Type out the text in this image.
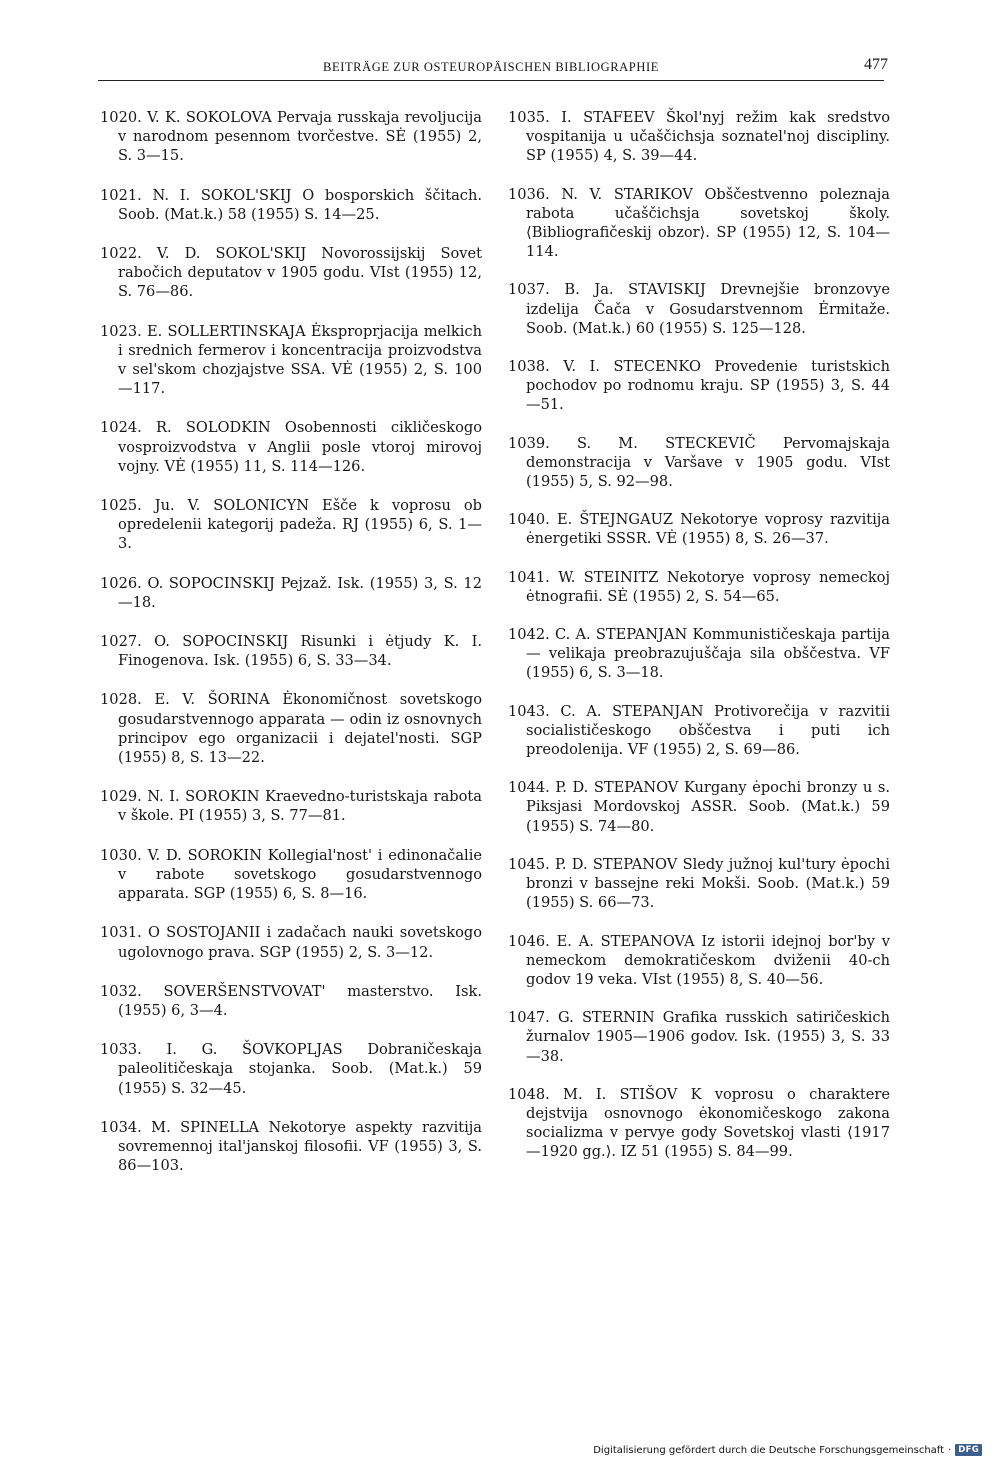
BEITRÄGE ZUR OSTEUROPÄISCHEN BIBLIOGRAPHIE	477

1020. V. K. SOKOLOVA Pervaja russkaja revoljucija v narodnom pesennom tvorčestve. SĖ (1955) 2, S. 3—15.

1021. N. I. SOKOL'SKIJ O bosporskich ščitach. Soob. (Mat.k.) 58 (1955) S. 14—25.

1022. V. D. SOKOL'SKIJ Novorossijskij Sovet rabočich deputatov v 1905 godu. VIst (1955) 12, S. 76—86.

1023. E. SOLLERTINSKAJA Ėksproprjacija melkich i srednich fermerov i koncentracija proizvodstva v sel'skom chozjajstve SSA. VĖ (1955) 2, S. 100—117.

1024. R. SOLODKIN Osobennosti cikličeskogo vosproizvodstva v Anglii posle vtoroj mirovoj vojny. VĖ (1955) 11, S. 114—126.

1025. Ju. V. SOLONICYN Ešče k voprosu ob opredelenii kategorij padeža. RJ (1955) 6, S. 1—3.

1026. O. SOPOCINSKIJ Pejzaž. Isk. (1955) 3, S. 12—18.

1027. O. SOPOCINSKIJ Risunki i ėtjudy K. I. Finogenova. Isk. (1955) 6, S. 33—34.

1028. E. V. ŠORINA Ėkonomičnost sovetskogo gosudarstvennogo apparata — odin iz osnovnych principov ego organizacii i dejatel'nosti. SGP (1955) 8, S. 13—22.

1029. N. I. SOROKIN Kraevedno-turistskaja rabota v škole. PI (1955) 3, S. 77—81.

1030. V. D. SOROKIN Kollegial'nost' i edinonačalie v rabote sovetskogo gosudarstvennogo apparata. SGP (1955) 6, S. 8—16.

1031. O SOSTOJANII i zadačach nauki sovetskogo ugolovnogo prava. SGP (1955) 2, S. 3—12.

1032. SOVERŠENSTVOVAT' masterstvo. Isk. (1955) 6, 3—4.

1033. I. G. ŠOVKOPLJAS Dobraničeskaja paleolitičeskaja stojanka. Soob. (Mat.k.) 59 (1955) S. 32—45.

1034. M. SPINELLA Nekotorye aspekty razvitija sovremennoj ital'janskoj filosofii. VF (1955) 3, S. 86—103.

1035. I. STAFEEV Škol'nyj režim kak sredstvo vospitanija u učaščichsja soznatel'noj discipliny. SP (1955) 4, S. 39—44.

1036. N. V. STARIKOV Obščestvenno poleznaja rabota učaščichsja sovetskoj školy. ⟨Bibliografičeskij obzor⟩. SP (1955) 12, S. 104—114.

1037. B. Ja. STAVISKIJ Drevnejšie bronzovye izdelija Čača v Gosudarstvennom Ėrmitaže. Soob. (Mat.k.) 60 (1955) S. 125—128.

1038. V. I. STECENKO Provedenie turistskich pochodov po rodnomu kraju. SP (1955) 3, S. 44—51.

1039. S. M. STECKEVIČ Pervomajskaja demonstracija v Varšave v 1905 godu. VIst (1955) 5, S. 92—98.

1040. E. ŠTEJNGAUZ Nekotorye voprosy razvitija ėnergetiki SSSR. VĖ (1955) 8, S. 26—37.

1041. W. STEINITZ Nekotorye voprosy nemeckoj ėtnografii. SĖ (1955) 2, S. 54—65.

1042. C. A. STEPANJAN Kommunističeskaja partija — velikaja preobrazujuščaja sila obščestva. VF (1955) 6, S. 3—18.

1043. C. A. STEPANJAN Protivorečija v razvitii socialističeskogo obščestva i puti ich preodolenija. VF (1955) 2, S. 69—86.

1044. P. D. STEPANOV Kurgany ėpochi bronzy u s. Piksjasi Mordovskoj ASSR. Soob. (Mat.k.) 59 (1955) S. 74—80.

1045. P. D. STEPANOV Sledy južnoj kul'tury ėpochi bronzi v bassejne reki Mokši. Soob. (Mat.k.) 59 (1955) S. 66—73.

1046. E. A. STEPANOVA Iz istorii idejnoj bor'by v nemeckom demokratičeskom dviženii 40-ch godov 19 veka. VIst (1955) 8, S. 40—56.

1047. G. STERNIN Grafika russkich satiričeskich žurnalov 1905—1906 godov. Isk. (1955) 3, S. 33—38.

1048. M. I. STIŠOV K voprosu o charaktere dejstvija osnovnogo ėkonomičeskogo zakona socializma v pervye gody Sovetskoj vlasti ⟨1917—1920 gg.⟩. IZ 51 (1955) S. 84—99.

Digitalisierung gefördert durch die Deutsche Forschungsgemeinschaft · DFG
